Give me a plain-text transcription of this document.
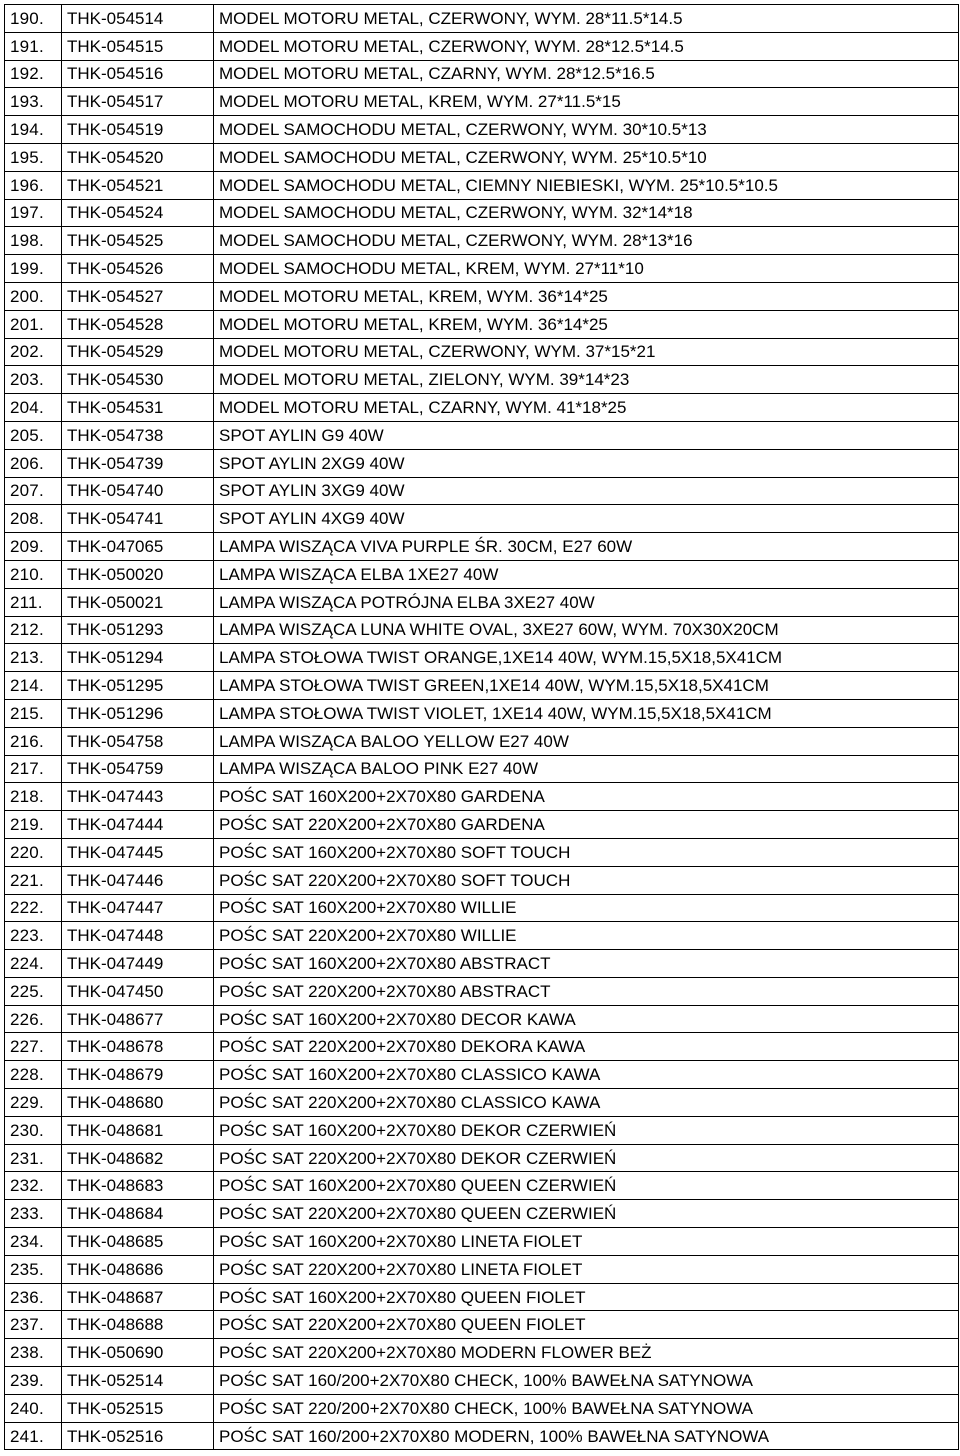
190.	THK-054514	MODEL MOTORU METAL, CZERWONY, WYM. 28*11.5*14.5
191.	THK-054515	MODEL MOTORU METAL, CZERWONY, WYM. 28*12.5*14.5
192.	THK-054516	MODEL MOTORU METAL, CZARNY, WYM. 28*12.5*16.5
193.	THK-054517	MODEL MOTORU METAL, KREM, WYM. 27*11.5*15
194.	THK-054519	MODEL SAMOCHODU METAL, CZERWONY, WYM. 30*10.5*13
195.	THK-054520	MODEL SAMOCHODU METAL, CZERWONY, WYM. 25*10.5*10
196.	THK-054521	MODEL SAMOCHODU METAL, CIEMNY NIEBIESKI, WYM. 25*10.5*10.5
197.	THK-054524	MODEL SAMOCHODU METAL, CZERWONY, WYM. 32*14*18
198.	THK-054525	MODEL SAMOCHODU METAL, CZERWONY, WYM. 28*13*16
199.	THK-054526	MODEL SAMOCHODU METAL, KREM, WYM. 27*11*10
200.	THK-054527	MODEL MOTORU METAL, KREM, WYM. 36*14*25
201.	THK-054528	MODEL MOTORU METAL, KREM, WYM. 36*14*25
202.	THK-054529	MODEL MOTORU METAL, CZERWONY, WYM. 37*15*21
203.	THK-054530	MODEL MOTORU METAL, ZIELONY, WYM. 39*14*23
204.	THK-054531	MODEL MOTORU METAL, CZARNY, WYM. 41*18*25
205.	THK-054738	SPOT AYLIN G9 40W
206.	THK-054739	SPOT AYLIN 2XG9 40W
207.	THK-054740	SPOT AYLIN 3XG9 40W
208.	THK-054741	SPOT AYLIN 4XG9 40W
209.	THK-047065	LAMPA WISZĄCA VIVA PURPLE ŚR. 30CM, E27 60W
210.	THK-050020	LAMPA WISZĄCA ELBA 1XE27 40W
211.	THK-050021	LAMPA WISZĄCA POTRÓJNA ELBA 3XE27 40W
212.	THK-051293	LAMPA WISZĄCA LUNA WHITE OVAL, 3XE27 60W, WYM. 70X30X20CM
213.	THK-051294	LAMPA STOŁOWA TWIST ORANGE,1XE14 40W, WYM.15,5X18,5X41CM
214.	THK-051295	LAMPA STOŁOWA TWIST GREEN,1XE14 40W, WYM.15,5X18,5X41CM
215.	THK-051296	LAMPA STOŁOWA TWIST VIOLET, 1XE14 40W, WYM.15,5X18,5X41CM
216.	THK-054758	LAMPA WISZĄCA BALOO YELLOW E27 40W
217.	THK-054759	LAMPA WISZĄCA BALOO PINK E27 40W
218.	THK-047443	POŚC SAT 160X200+2X70X80 GARDENA
219.	THK-047444	POŚC SAT 220X200+2X70X80 GARDENA
220.	THK-047445	POŚC SAT 160X200+2X70X80 SOFT TOUCH
221.	THK-047446	POŚC SAT 220X200+2X70X80 SOFT TOUCH
222.	THK-047447	POŚC SAT 160X200+2X70X80 WILLIE
223.	THK-047448	POŚC SAT 220X200+2X70X80 WILLIE
224.	THK-047449	POŚC SAT 160X200+2X70X80 ABSTRACT
225.	THK-047450	POŚC SAT 220X200+2X70X80 ABSTRACT
226.	THK-048677	POŚC SAT 160X200+2X70X80 DECOR KAWA
227.	THK-048678	POŚC SAT 220X200+2X70X80 DEKORA KAWA
228.	THK-048679	POŚC SAT 160X200+2X70X80 CLASSICO KAWA
229.	THK-048680	POŚC SAT 220X200+2X70X80 CLASSICO KAWA
230.	THK-048681	POŚC SAT 160X200+2X70X80 DEKOR CZERWIEŃ
231.	THK-048682	POŚC SAT 220X200+2X70X80 DEKOR CZERWIEŃ
232.	THK-048683	POŚC SAT 160X200+2X70X80 QUEEN CZERWIEŃ
233.	THK-048684	POŚC SAT 220X200+2X70X80 QUEEN CZERWIEŃ
234.	THK-048685	POŚC SAT 160X200+2X70X80 LINETA FIOLET
235.	THK-048686	POŚC SAT 220X200+2X70X80 LINETA FIOLET
236.	THK-048687	POŚC SAT 160X200+2X70X80 QUEEN FIOLET
237.	THK-048688	POŚC SAT 220X200+2X70X80 QUEEN FIOLET
238.	THK-050690	POŚC SAT 220X200+2X70X80 MODERN FLOWER BEŻ
239.	THK-052514	POŚC SAT 160/200+2X70X80 CHECK, 100% BAWEŁNA SATYNOWA
240.	THK-052515	POŚC SAT 220/200+2X70X80 CHECK, 100% BAWEŁNA SATYNOWA
241.	THK-052516	POŚC SAT 160/200+2X70X80 MODERN, 100% BAWEŁNA SATYNOWA
